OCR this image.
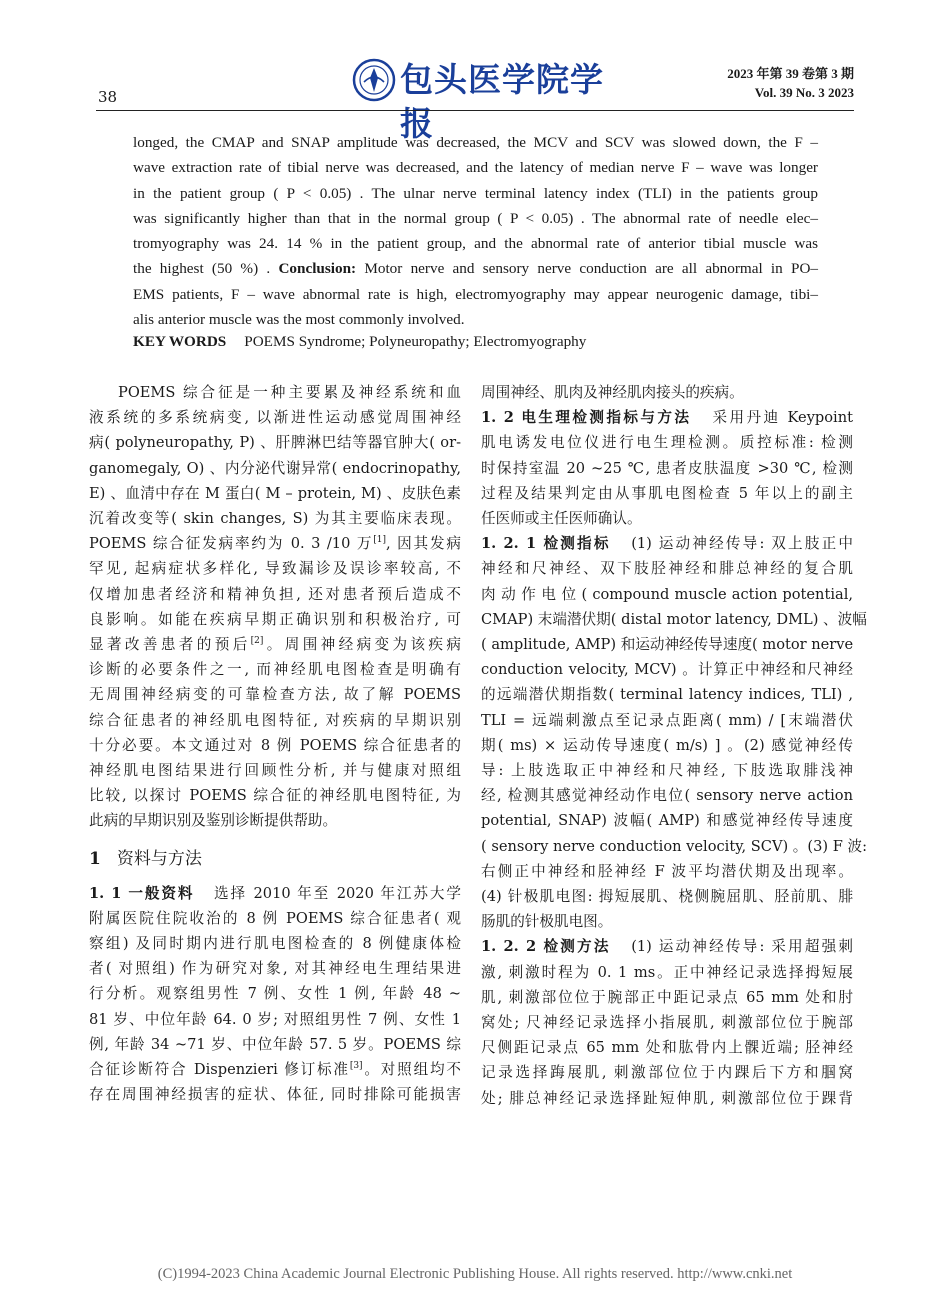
38	包头医学院学报
2023 年第 39 卷第 3 期
Vol. 39 No. 3 2023
longed, the CMAP and SNAP amplitude was decreased, the MCV and SCV was slowed down, the F –
wave extraction rate of tibial nerve was decreased, and the latency of median nerve F – wave was longer
in the patient group ( P < 0.05) . The ulnar nerve terminal latency index (TLI) in the patients group
was significantly higher than that in the normal group ( P < 0.05) . The abnormal rate of needle elec–
tromyography was 24. 14 % in the patient group, and the abnormal rate of anterior tibial muscle was
the highest (50 %) . Conclusion: Motor nerve and sensory nerve conduction are all abnormal in PO–
EMS patients, F – wave abnormal rate is high, electromyography may appear neurogenic damage, tibi–
alis anterior muscle was the most commonly involved.
KEY WORDS POEMS Syndrome; Polyneuropathy; Electromyography
POEMS 综合征是一种主要累及神经系统和血
液系统的多系统病变, 以渐进性运动感觉周围神经
病( polyneuropathy, P) 、肝脾淋巴结等器官肿大( or-
ganomegaly, O) 、内分泌代谢异常( endocrinopathy,
E) 、血清中存在 M 蛋白( M – protein, M) 、皮肤色素
沉着改变等( skin changes, S) 为其主要临床表现。
POEMS 综合征发病率约为 0. 3 /10 万[1], 因其发病
罕见, 起病症状多样化, 导致漏诊及误诊率较高, 不
仅增加患者经济和精神负担, 还对患者预后造成不
良影响。如能在疾病早期正确识别和积极治疗, 可
显著改善患者的预后[2]。周围神经病变为该疾病
诊断的必要条件之一, 而神经肌电图检查是明确有
无周围神经病变的可靠检查方法, 故了解 POEMS
综合征患者的神经肌电图特征, 对疾病的早期识别
十分必要。本文通过对 8 例 POEMS 综合征患者的
神经肌电图结果进行回顾性分析, 并与健康对照组
比较, 以探讨 POEMS 综合征的神经肌电图特征, 为
此病的早期识别及鉴别诊断提供帮助。
1 资料与方法
1. 1 一般资料 选择 2010 年至 2020 年江苏大学
附属医院住院收治的 8 例 POEMS 综合征患者( 观
察组) 及同时期内进行肌电图检查的 8 例健康体检
者( 对照组) 作为研究对象, 对其神经电生理结果进
行分析。观察组男性 7 例、女性 1 例, 年龄 48 ~
81 岁、中位年龄 64. 0 岁; 对照组男性 7 例、女性 1
例, 年龄 34 ~71 岁、中位年龄 57. 5 岁。POEMS 综
合征诊断符合 Dispenzieri 修订标准[3]。对照组均不
存在周围神经损害的症状、体征, 同时排除可能损害
周围神经、肌肉及神经肌肉接头的疾病。
1. 2 电生理检测指标与方法 采用丹迪 Keypoint
肌电诱发电位仪进行电生理检测。质控标准: 检测
时保持室温 20 ~25 ℃, 患者皮肤温度 >30 ℃, 检测
过程及结果判定由从事肌电图检查 5 年以上的副主
任医师或主任医师确认。
1. 2. 1 检测指标 (1) 运动神经传导: 双上肢正中
神经和尺神经、双下肢胫神经和腓总神经的复合肌
肉 动 作 电 位 ( compound muscle action potential,
CMAP) 末端潜伏期( distal motor latency, DML) 、波幅
( amplitude, AMP) 和运动神经传导速度( motor nerve
conduction velocity, MCV) 。计算正中神经和尺神经
的远端潜伏期指数( terminal latency indices, TLI) ,
TLI = 远端刺激点至记录点距离( mm) / [末端潜伏
期( ms) × 运动传导速度( m/s) ] 。(2) 感觉神经传
导: 上肢选取正中神经和尺神经, 下肢选取腓浅神
经, 检测其感觉神经动作电位( sensory nerve action
potential, SNAP) 波幅( AMP) 和感觉神经传导速度
( sensory nerve conduction velocity, SCV) 。(3) F 波:
右侧正中神经和胫神经 F 波平均潜伏期及出现率。
(4) 针极肌电图: 拇短展肌、桡侧腕屈肌、胫前肌、腓
肠肌的针极肌电图。
1. 2. 2 检测方法 (1) 运动神经传导: 采用超强刺
激, 刺激时程为 0. 1 ms。正中神经记录选择拇短展
肌, 刺激部位位于腕部正中距记录点 65 mm 处和肘
窝处; 尺神经记录选择小指展肌, 刺激部位位于腕部
尺侧距记录点 65 mm 处和肱骨内上髁近端; 胫神经
记录选择踇展肌, 刺激部位位于内踝后下方和腘窝
处; 腓总神经记录选择趾短伸肌, 刺激部位位于踝背
(C)1994-2023 China Academic Journal Electronic Publishing House. All rights reserved. http://www.cnki.net
